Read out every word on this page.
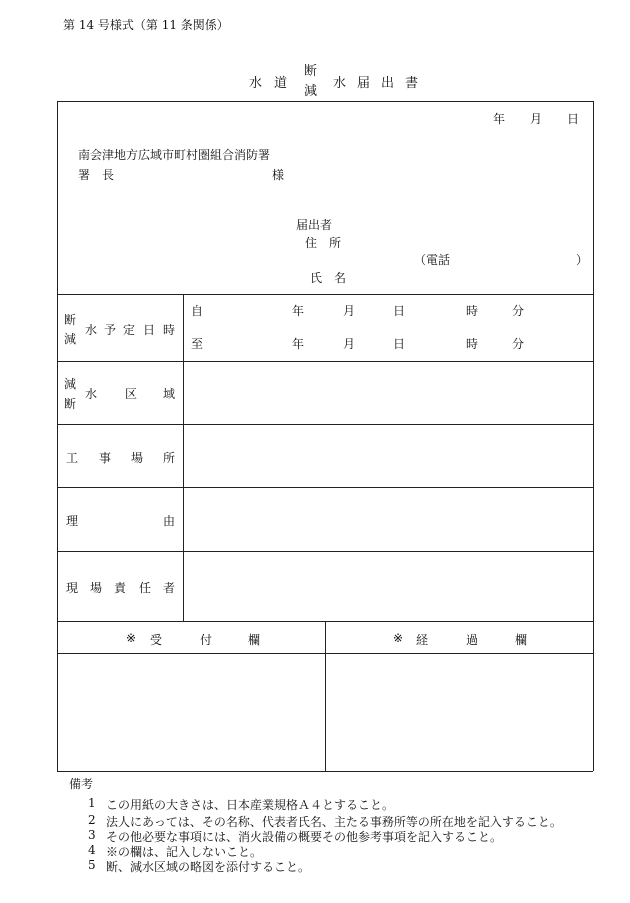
第 14 号様式（第 11 条関係）
水 道
断
減
水 届 出 書
年 月 日
南会津地方広域市町村圏組合消防署
署　長	様
届出者
住　所
（電話	）
氏　名
断
減
水 予 定 日 時
自	年	月	日	時	分
至	年	月	日	時	分
減
断
水 区 域
工 事 場 所
理	由
現 場 責 任 者
※ 受	付	欄	※ 経	過	欄
備考
1 この用紙の大きさは、日本産業規格Ａ４とすること。
2 法人にあっては、その名称、代表者氏名、主たる事務所等の所在地を記入すること。
3 その他必要な事項には、消火設備の概要その他参考事項を記入すること。
4 ※の欄は、記入しないこと。
5 断、減水区域の略図を添付すること。
